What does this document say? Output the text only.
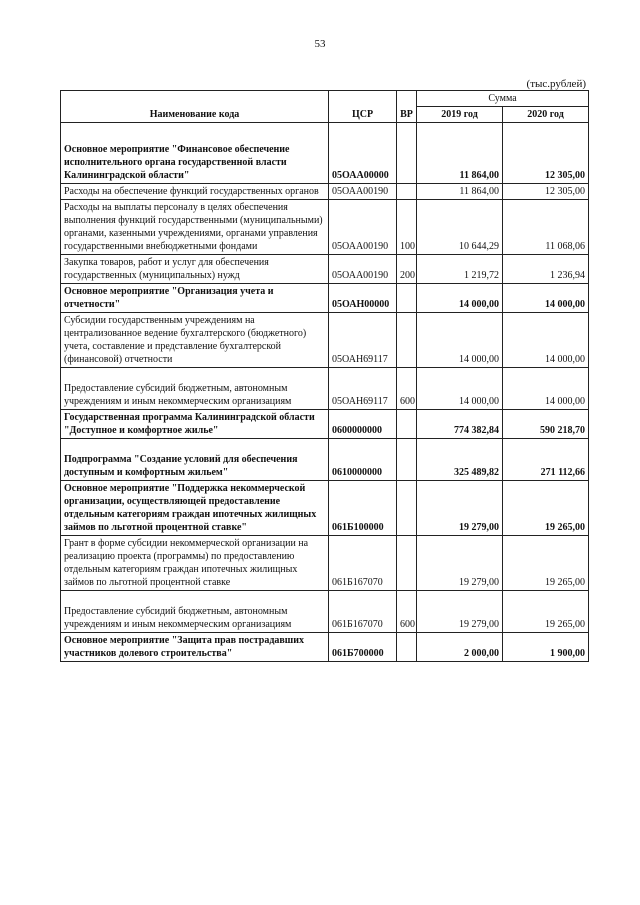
53
(тыс.рублей)
Наименование кода	ЦСР	ВР	Сумма	
			2019 год	2020 год
Основное мероприятие "Финансовое обеспечение исполнительного органа государственной власти Калининградской области"	05ОАА00000		11 864,00	12 305,00
Расходы на обеспечение функций государственных органов	05ОАА00190		11 864,00	12 305,00
Расходы на выплаты персоналу в целях обеспечения выполнения функций государственными (муниципальными) органами, казенными учреждениями, органами управления государственными внебюджетными фондами	05ОАА00190	100	10 644,29	11 068,06
Закупка товаров, работ и услуг для обеспечения государственных (муниципальных) нужд	05ОАА00190	200	1 219,72	1 236,94
Основное мероприятие "Организация учета и отчетности"	05ОАН00000		14 000,00	14 000,00
Субсидии государственным учреждениям на централизованное ведение бухгалтерского (бюджетного) учета, составление и представление бухгалтерской (финансовой) отчетности	05ОАН69117		14 000,00	14 000,00
Предоставление субсидий бюджетным, автономным учреждениям и иным некоммерческим организациям	05ОАН69117	600	14 000,00	14 000,00
Государственная программа Калининградской области "Доступное и комфортное жилье"	0600000000		774 382,84	590 218,70
Подпрограмма "Создание условий для обеспечения доступным и комфортным жильем"	0610000000		325 489,82	271 112,66
Основное мероприятие "Поддержка некоммерческой организации, осуществляющей предоставление отдельным категориям граждан ипотечных жилищных займов по льготной процентной ставке"	061Б100000		19 279,00	19 265,00
Грант в форме субсидии некоммерческой организации на реализацию проекта (программы) по предоставлению отдельным категориям граждан ипотечных жилищных займов по льготной процентной ставке	061Б167070		19 279,00	19 265,00
Предоставление субсидий бюджетным, автономным учреждениям и иным некоммерческим организациям	061Б167070	600	19 279,00	19 265,00
Основное мероприятие "Защита прав пострадавших участников долевого строительства"	061Б700000		2 000,00	1 900,00
